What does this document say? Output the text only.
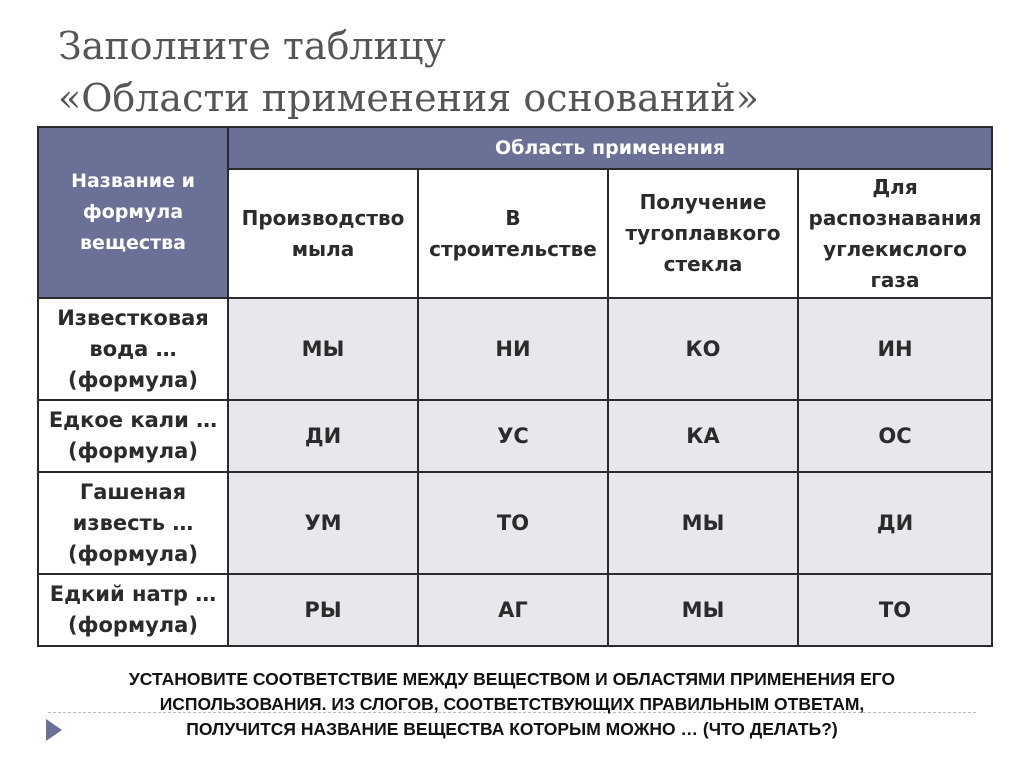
Заполните таблицу
«Области применения оснований»
Название и формула вещества	Область применения			
	Производство мыла	В строительстве	Получение тугоплавкого стекла	Для распознавания углекислого газа
Известковая вода … (формула)	МЫ	НИ	КО	ИН
Едкое кали … (формула)	ДИ	УС	КА	ОС
Гашеная известь … (формула)	УМ	ТО	МЫ	ДИ
Едкий натр … (формула)	РЫ	АГ	МЫ	ТО
УСТАНОВИТЕ СООТВЕТСТВИЕ МЕЖДУ ВЕЩЕСТВОМ И ОБЛАСТЯМИ ПРИМЕНЕНИЯ ЕГО
ИСПОЛЬЗОВАНИЯ. ИЗ СЛОГОВ, СООТВЕТСТВУЮЩИХ ПРАВИЛЬНЫМ ОТВЕТАМ,
ПОЛУЧИТСЯ НАЗВАНИЕ ВЕЩЕСТВА КОТОРЫМ МОЖНО … (ЧТО ДЕЛАТЬ?)
